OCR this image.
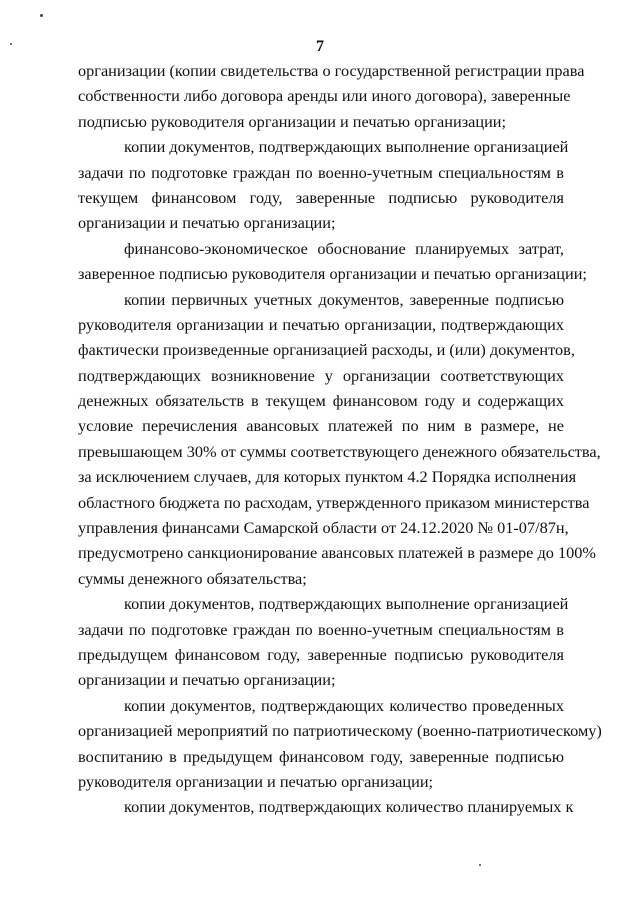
7
организации (копии свидетельства о государственной регистрации права
собственности либо договора аренды или иного договора), заверенные
подписью руководителя организации и печатью организации;
копии документов, подтверждающих выполнение организацией
задачи по подготовке граждан по военно-учетным специальностям в
текущем финансовом году, заверенные подписью руководителя
организации и печатью организации;
финансово-экономическое обоснование планируемых затрат,
заверенное подписью руководителя организации и печатью организации;
копии первичных учетных документов, заверенные подписью
руководителя организации и печатью организации, подтверждающих
фактически произведенные организацией расходы, и (или) документов,
подтверждающих возникновение у организации соответствующих
денежных обязательств в текущем финансовом году и содержащих
условие перечисления авансовых платежей по ним в размере, не
превышающем 30% от суммы соответствующего денежного обязательства,
за исключением случаев, для которых пунктом 4.2 Порядка исполнения
областного бюджета по расходам, утвержденного приказом министерства
управления финансами Самарской области от 24.12.2020 № 01-07/87н,
предусмотрено санкционирование авансовых платежей в размере до 100%
суммы денежного обязательства;
копии документов, подтверждающих выполнение организацией
задачи по подготовке граждан по военно-учетным специальностям в
предыдущем финансовом году, заверенные подписью руководителя
организации и печатью организации;
копии документов, подтверждающих количество проведенных
организацией мероприятий по патриотическому (военно-патриотическому)
воспитанию в предыдущем финансовом году, заверенные подписью
руководителя организации и печатью организации;
копии документов, подтверждающих количество планируемых к
